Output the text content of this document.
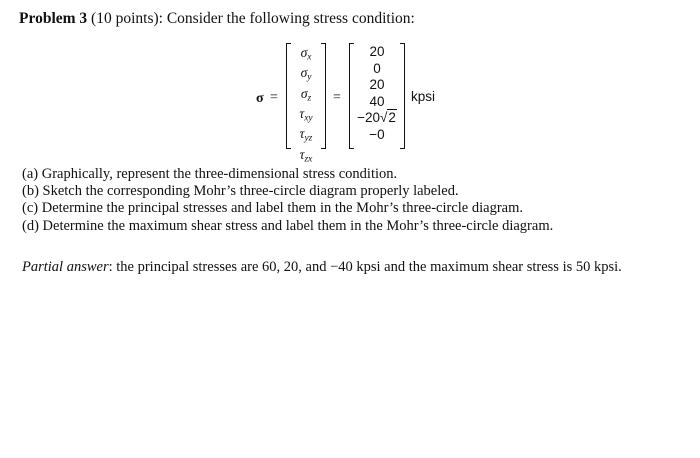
Problem 3 (10 points): Consider the following stress condition:
σ =
$\sigma_x$
$\sigma_y$
$\sigma_z$
$\tau_{xy}$
$\tau_{yz}$
$\tau_{zx}$
=
20
0
20
40
−20√2
−0
kpsi
(a) Graphically, represent the three-dimensional stress condition.
(b) Sketch the corresponding Mohr’s three-circle diagram properly labeled.
(c) Determine the principal stresses and label them in the Mohr’s three-circle diagram.
(d) Determine the maximum shear stress and label them in the Mohr’s three-circle diagram.
Partial answer: the principal stresses are 60, 20, and −40 kpsi and the maximum shear stress is 50 kpsi.
